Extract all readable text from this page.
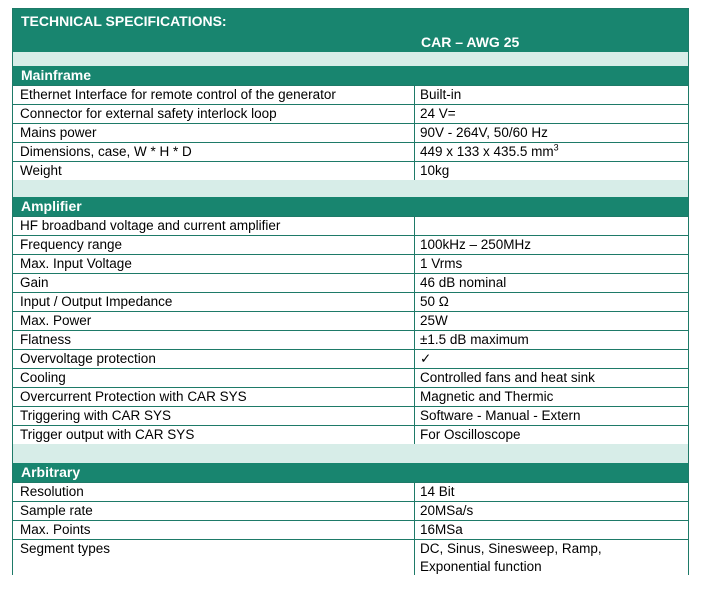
TECHNICAL SPECIFICATIONS:
CAR – AWG 25
Mainframe
Ethernet Interface for remote control of the generator	Built-in
Connector for external safety interlock loop	24 V=
Mains power	90V - 264V, 50/60 Hz
Dimensions, case, W * H * D	449 x 133 x 435.5 $mm^3$
Weight	10kg
Amplifier
HF broadband voltage and current amplifier
Frequency range	100kHz – 250MHz
Max. Input Voltage	1 Vrms
Gain	46 dB nominal
Input / Output Impedance	50 Ω
Max. Power	25W
Flatness	±1.5 dB maximum
Overvoltage protection	✓
Cooling	Controlled fans and heat sink
Overcurrent Protection with CAR SYS	Magnetic and Thermic
Triggering with CAR SYS	Software - Manual - Extern
Trigger output with CAR SYS	For Oscilloscope
Arbitrary
Resolution	14 Bit
Sample rate	20MSa/s
Max. Points	16MSa
Segment types	DC, Sinus, Sinesweep, Ramp,
Exponential function
